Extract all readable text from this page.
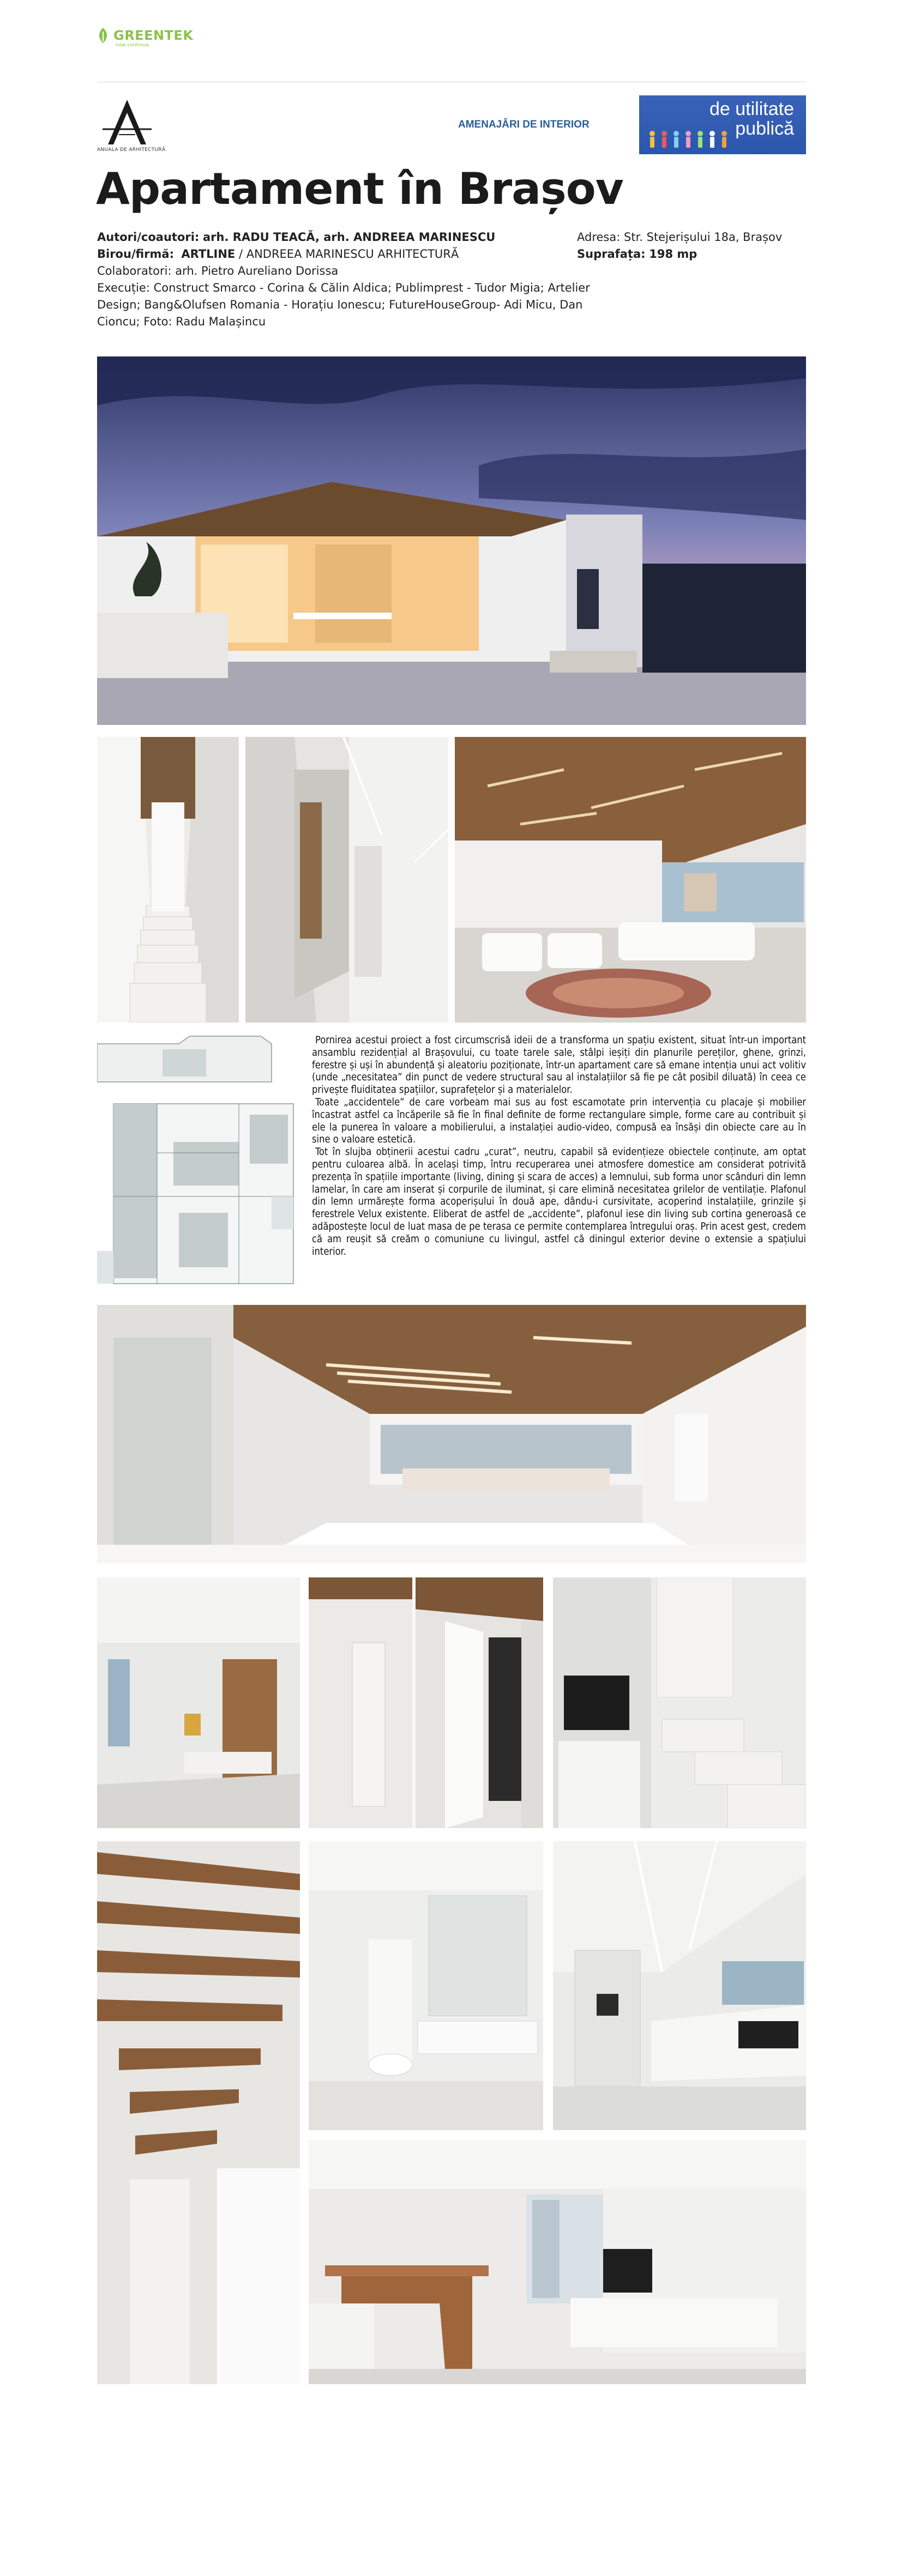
GREENTEK
now continua
ANUALA DE ARHITECTURĂ
AMENAJĂRI DE INTERIOR
de utilitate
publică
Apartament în Brașov
Autori/coautori: arh. RADU TEACĂ, arh. ANDREEA MARINESCU
Birou/firmă: ARTLINE / ANDREEA MARINESCU ARHITECTURĂ
Colaboratori: arh. Pietro Aureliano Dorissa
Execuție: Construct Smarco - Corina & Călin Aldica; Publimprest - Tudor Migia; Artelier Design; Bang&Olufsen Romania - Horațiu Ionescu; FutureHouseGroup- Adi Micu, Dan Cioncu; Foto: Radu Malașincu
Adresa: Str. Stejerișului 18a, Brașov
Suprafața: 198 mp

Pornirea acestui proiect a fost circumscrisă ideii de a transforma un spațiu existent, situat într-un important ansamblu rezidențial al Brașovului, cu toate tarele sale, stâlpi ieșiți din planurile pereților, ghene, grinzi, ferestre și uși în abundență și aleatoriu poziționate, într-un apartament care să emane intenția unui act volitiv (unde „necesitatea” din punct de vedere structural sau al instalațiilor să fie pe cât posibil diluată) în ceea ce privește fluiditatea spațiilor, suprafețelor și a materialelor.

Toate „accidentele” de care vorbeam mai sus au fost escamotate prin intervenția cu placaje și mobilier încastrat astfel ca încăperile să fie în final definite de forme rectangulare simple, forme care au contribuit și ele la punerea în valoare a mobilierului, a instalației audio-video, compusă ea însăși din obiecte care au în sine o valoare estetică.

Tot în slujba obținerii acestui cadru „curat”, neutru, capabil să evidențieze obiectele conținute, am optat pentru culoarea albă. În același timp, întru recuperarea unei atmosfere domestice am considerat potrivită prezența în spațiile importante (living, dining și scara de acces) a lemnului, sub forma unor scânduri din lemn lamelar, în care am inserat și corpurile de iluminat, și care elimină necesitatea grilelor de ventilație. Plafonul din lemn urmărește forma acoperișului în două ape, dându-i cursivitate, acoperind instalațiile, grinzile și ferestrele Velux existente. Eliberat de astfel de „accidente”, plafonul iese din living sub cortina generoasă ce adăpostește locul de luat masa de pe terasa ce permite contemplarea întregului oraș. Prin acest gest, credem că am reușit să creăm o comuniune cu livingul, astfel că diningul exterior devine o extensie a spațiului interior.
